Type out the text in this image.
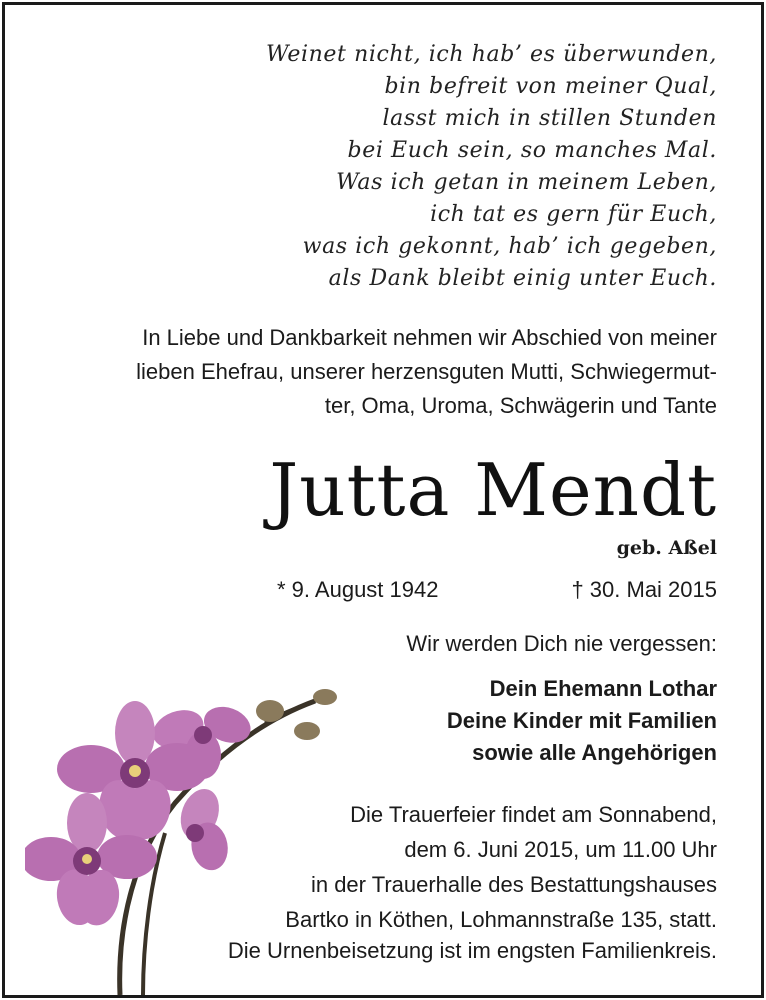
Weinet nicht, ich hab’ es überwunden,
bin befreit von meiner Qual,
lasst mich in stillen Stunden
bei Euch sein, so manches Mal.
Was ich getan in meinem Leben,
ich tat es gern für Euch,
was ich gekonnt, hab’ ich gegeben,
als Dank bleibt einig unter Euch.
In Liebe und Dankbarkeit nehmen wir Abschied von meiner
lieben Ehefrau, unserer herzensguten Mutti, Schwiegermut-
ter, Oma, Uroma, Schwägerin und Tante
Jutta Mendt
geb. Aßel
* 9. August 1942	† 30. Mai 2015
Wir werden Dich nie vergessen:
Dein Ehemann Lothar
Deine Kinder mit Familien
sowie alle Angehörigen
Die Trauerfeier findet am Sonnabend,
dem 6. Juni 2015, um 11.00 Uhr
in der Trauerhalle des Bestattungshauses
Bartko in Köthen, Lohmannstraße 135, statt.
Die Urnenbeisetzung ist im engsten Familienkreis.
